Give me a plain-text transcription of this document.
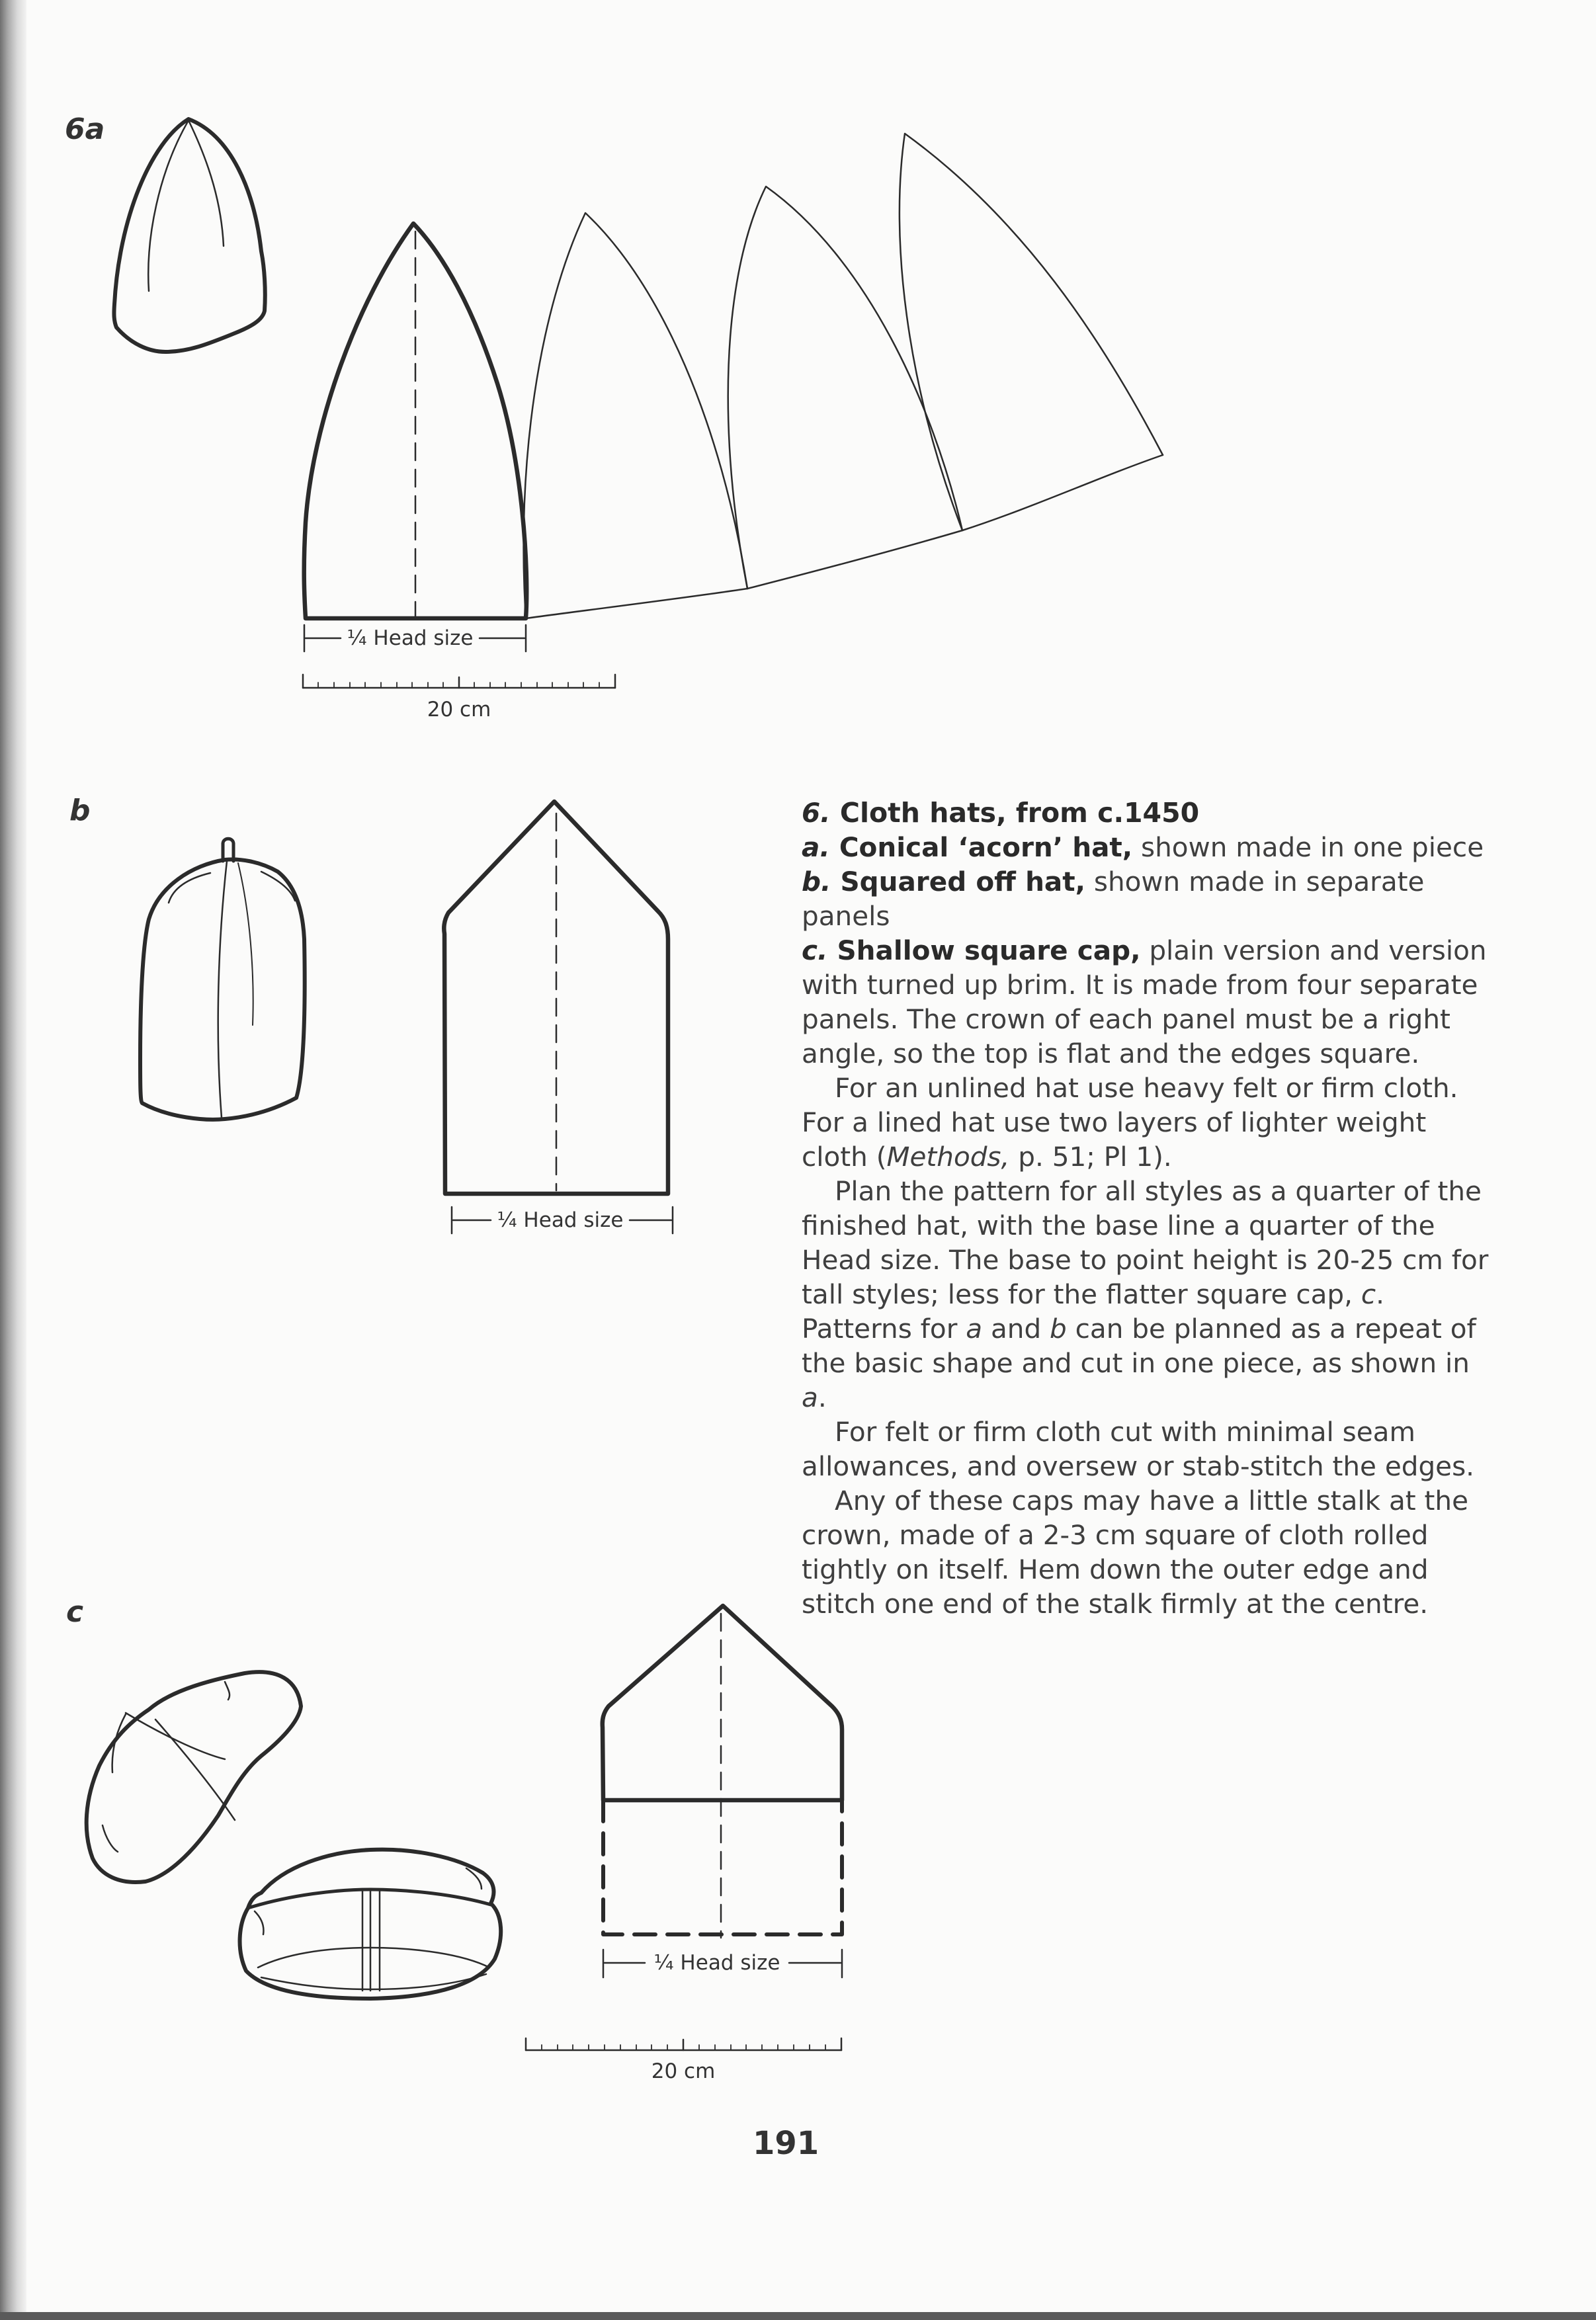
6a
b
c
¼ Head size
20 cm
¼ Head size
¼ Head size
20 cm

6. Cloth hats, from c.1450

a. Conical ‘acorn’ hat, shown made in one piece

b. Squared off hat, shown made in separate panels

c. Shallow square cap, plain version and version with turned up brim. It is made from four separate panels. The crown of each panel must be a right angle, so the top is flat and the edges square.

For an unlined hat use heavy felt or firm cloth. For a lined hat use two layers of lighter weight cloth (Methods, p. 51; Pl 1).

Plan the pattern for all styles as a quarter of the finished hat, with the base line a quarter of the Head size. The base to point height is 20-25 cm for tall styles; less for the flatter square cap, c. Patterns for a and b can be planned as a repeat of the basic shape and cut in one piece, as shown in a.

For felt or firm cloth cut with minimal seam allowances, and oversew or stab-stitch the edges.

Any of these caps may have a little stalk at the crown, made of a 2-3 cm square of cloth rolled tightly on itself. Hem down the outer edge and stitch one end of the stalk firmly at the centre.

191
